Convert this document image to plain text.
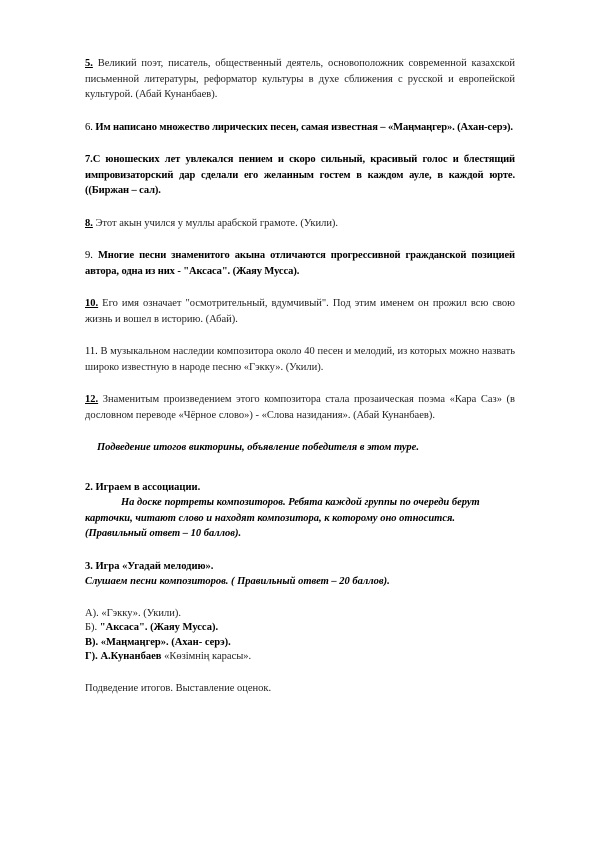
5. Великий поэт, писатель, общественный деятель, основоположник современной казахской письменной литературы, реформатор культуры в духе сближения с русской и европейской культурой. (Абай Кунанбаев).

6. Им написано множество лирических песен, самая известная – «Маңмаңгер». (Ахан-серэ).

7.С юношеских лет увлекался пением и скоро сильный, красивый голос и блестящий импровизаторский дар сделали его желанным гостем в каждом ауле, в каждой юрте. ((Биржан – сал).

8. Этот акын учился у муллы арабской грамоте. (Укили).

9. Многие песни знаменитого акына отличаются прогрессивной гражданской позицией автора, одна из них - "Аксаса". (Жаяу Мусса).

10. Его имя означает "осмотрительный, вдумчивый". Под этим именем он прожил всю свою жизнь и вошел в историю. (Абай).

11. В музыкальном наследии композитора около 40 песен и мелодий, из которых можно назвать широко известную в народе песню «Гэкку». (Укили).

12. Знаменитым произведением этого композитора стала прозаическая поэма «Кара Саз» (в дословном переводе «Чёрное слово») - «Слова назидания». (Абай Кунанбаев).

Подведение итогов викторины, объявление победителя в этом туре.

2. Играем в ассоциации.

На доске портреты композиторов. Ребята каждой группы по очереди берут карточки, читают слово и находят композитора, к которому оно относится. (Правильный ответ – 10 баллов).

3. Игра «Угадай мелодию».

Слушаем песни композиторов. ( Правильный ответ – 20 баллов).

А). «Гэкку». (Укили).

Б). "Аксаса". (Жаяу Мусса).

В). «Маңмаңгер». (Ахан- серэ).

Г). А.Кунанбаев «Көзімнің карасы».

Подведение итогов. Выставление оценок.
